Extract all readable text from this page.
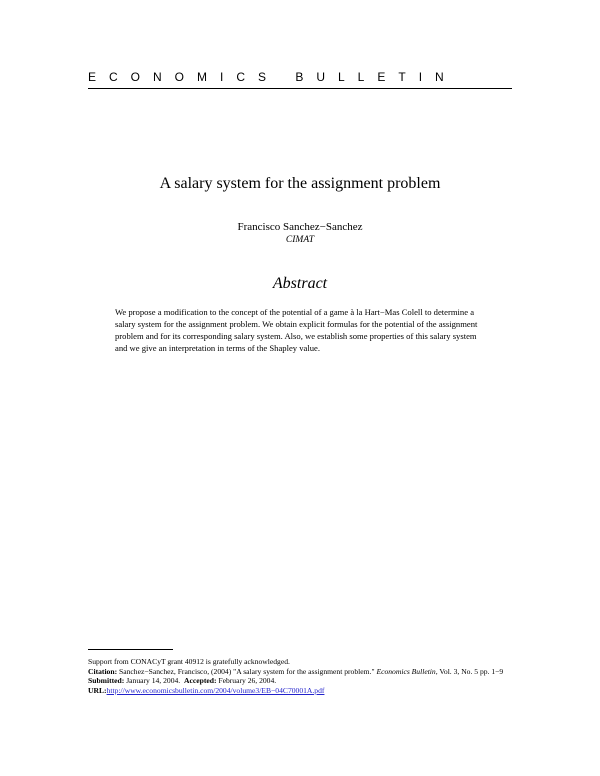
ECONOMICS BULLETIN
A salary system for the assignment problem
Francisco Sanchez−Sanchez
CIMAT
Abstract
We propose a modification to the concept of the potential of a game à la Hart−Mas Colell to determine a salary system for the assignment problem. We obtain explicit formulas for the potential of the assignment problem and for its corresponding salary system. Also, we establish some properties of this salary system and we give an interpretation in terms of the Shapley value.
Support from CONACyT grant 40912 is gratefully acknowledged.
Citation: Sanchez−Sanchez, Francisco, (2004) "A salary system for the assignment problem." Economics Bulletin, Vol. 3, No. 5 pp. 1−9
Submitted: January 14, 2004. Accepted: February 26, 2004.
URL:http://www.economicsbulletin.com/2004/volume3/EB−04C70001A.pdf
